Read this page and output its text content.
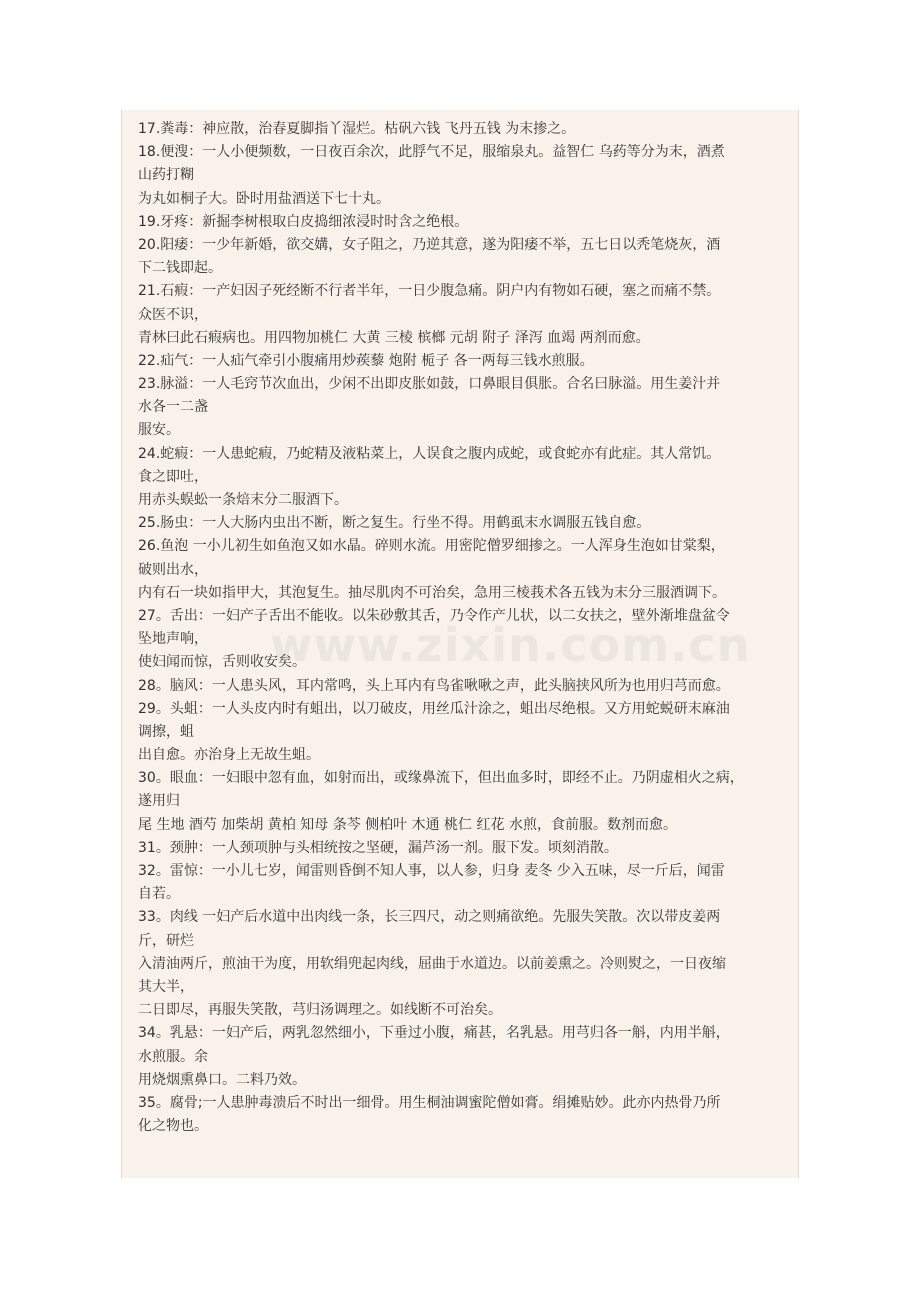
17.粪毒：神应散，治春夏脚指丫湿烂。枯矾六钱 飞丹五钱 为末掺之。
18.便溲：一人小便频数，一日夜百余次，此脬气不足，服缩泉丸。益智仁 乌药等分为末，酒煮
山药打糊
为丸如桐子大。卧时用盐酒送下七十丸。
19.牙疼：新掘李树根取白皮捣细浓浸时时含之绝根。
20.阳痿：一少年新婚，欲交媾，女子阻之，乃逆其意，遂为阳痿不举，五七日以秃笔烧灰，酒
下二钱即起。
21.石瘕：一产妇因子死经断不行者半年，一日少腹急痛。阴户内有物如石硬，塞之而痛不禁。
众医不识，
青林曰此石瘕病也。用四物加桃仁 大黄 三棱 槟榔 元胡 附子 泽泻 血竭 两剂而愈。
22.疝气：一人疝气牵引小腹痛用炒蒺藜 炮附 栀子 各一两每三钱水煎服。
23.脉溢：一人毛窍节次血出，少闲不出即皮胀如鼓，口鼻眼目俱胀。合名曰脉溢。用生姜汁并
水各一二盏
服安。
24.蛇瘕：一人患蛇瘕，乃蛇精及液粘菜上，人误食之腹内成蛇，或食蛇亦有此症。其人常饥。
食之即吐，
用赤头蜈蚣一条焙末分二服酒下。
25.肠虫：一人大肠内虫出不断，断之复生。行坐不得。用鹤虱末水调服五钱自愈。
26.鱼泡 一小儿初生如鱼泡又如水晶。碎则水流。用密陀僧罗细掺之。一人浑身生泡如甘棠梨，
破则出水，
内有石一块如指甲大，其泡复生。抽尽肌肉不可治矣，急用三棱莪术各五钱为末分三服酒调下。
27。舌出：一妇产子舌出不能收。以朱砂敷其舌，乃令作产儿状，以二女扶之，壁外渐堆盘盆令
坠地声响，
使妇闻而惊，舌则收安矣。
28。脑风：一人患头风，耳内常鸣，头上耳内有鸟雀啾啾之声，此头脑挟风所为也用归芎而愈。
29。头蛆：一人头皮内时有蛆出，以刀破皮，用丝瓜汁涂之，蛆出尽绝根。又方用蛇蜕研末麻油
调擦，蛆
出自愈。亦治身上无故生蛆。
30。眼血：一妇眼中忽有血，如射而出，或缘鼻流下，但出血多时，即经不止。乃阴虚相火之病，
遂用归
尾 生地 酒芍 加柴胡 黄柏 知母 条芩 侧柏叶 木通 桃仁 红花 水煎，食前服。数剂而愈。
31。颈肿：一人颈项肿与头相统按之坚硬，漏芦汤一剂。服下发。顷刻消散。
32。雷惊：一小儿七岁，闻雷则昏倒不知人事，以人参，归身 麦冬 少入五味，尽一斤后，闻雷
自若。
33。肉线 一妇产后水道中出肉线一条，长三四尺，动之则痛欲绝。先服失笑散。次以带皮姜两
斤，研烂
入清油两斤，煎油干为度，用软绢兜起肉线，屈曲于水道边。以前姜熏之。冷则熨之，一日夜缩
其大半，
二日即尽，再服失笑散，芎归汤调理之。如线断不可治矣。
34。乳悬：一妇产后，两乳忽然细小，下垂过小腹，痛甚，名乳悬。用芎归各一斛，内用半斛，
水煎服。余
用烧烟熏鼻口。二料乃效。
35。腐骨;一人患肿毒溃后不时出一细骨。用生桐油调蜜陀僧如膏。绢摊贴妙。此亦内热骨乃所
化之物也。
